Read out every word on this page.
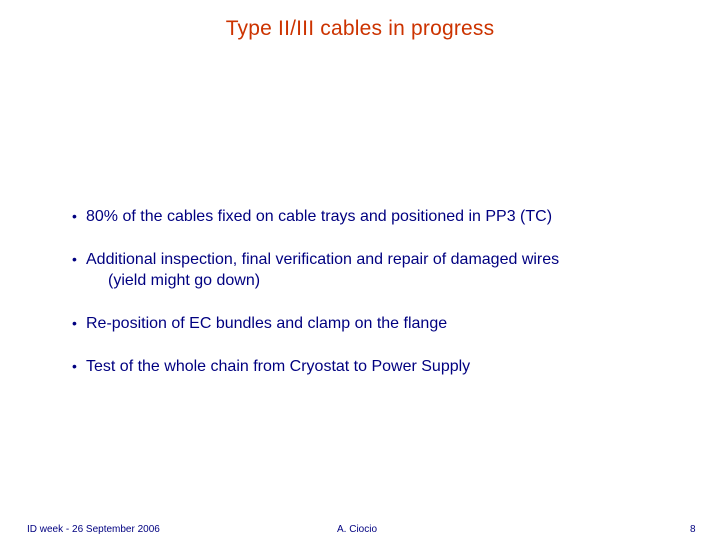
Type II/III cables in progress
• 80% of the cables fixed on cable trays and positioned in PP3 (TC)
• Additional inspection, final verification and repair of damaged wires
(yield might go down)
• Re-position of EC bundles and clamp on the flange
• Test of the whole chain from Cryostat to Power Supply
ID week - 26 September 2006	A. Ciocio	8
